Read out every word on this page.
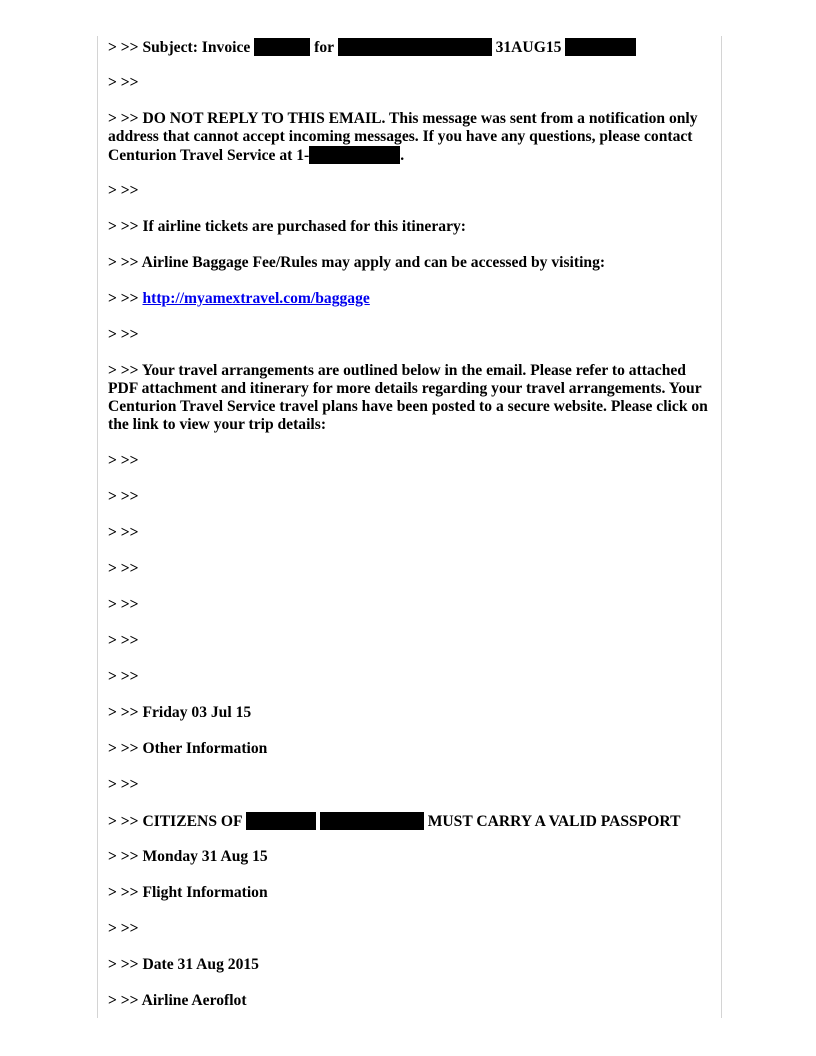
> >> Subject: Invoice	for	31AUG15
> >>
> >> DO NOT REPLY TO THIS EMAIL. This message was sent from a notification only address that cannot accept incoming messages. If you have any questions, please contact Centurion Travel Service at 1-	.
> >>
> >> If airline tickets are purchased for this itinerary:
> >> Airline Baggage Fee/Rules may apply and can be accessed by visiting:
> >> http://myamextravel.com/baggage
> >>
> >> Your travel arrangements are outlined below in the email. Please refer to attached PDF attachment and itinerary for more details regarding your travel arrangements. Your Centurion Travel Service travel plans have been posted to a secure website. Please click on the link to view your trip details:
> >>
> >>
> >>
> >>
> >>
> >>
> >>
> >> Friday 03 Jul 15
> >> Other Information
> >>
> >> CITIZENS OF	MUST CARRY A VALID PASSPORT
> >> Monday 31 Aug 15
> >> Flight Information
> >>
> >> Date 31 Aug 2015
> >> Airline Aeroflot
